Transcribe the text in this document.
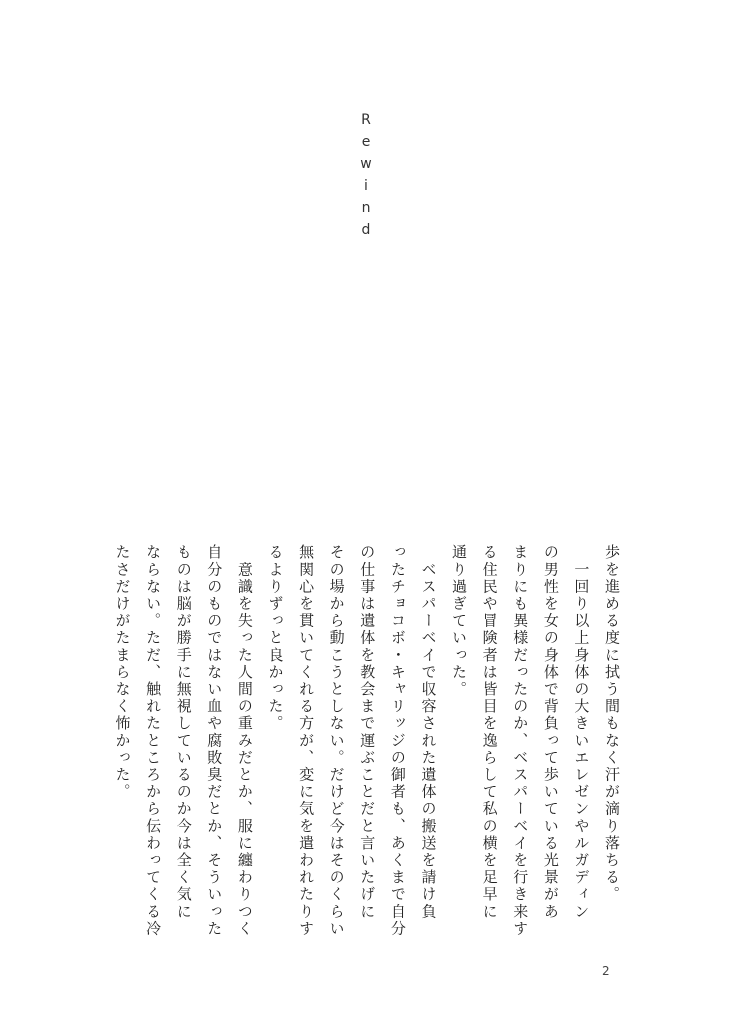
Rewind
歩を進める度に拭う間もなく汗が滴り落ちる。
　一回り以上身体の大きいエレゼンやルガディン
の男性を女の身体で背負って歩いている光景があ
まりにも異様だったのか、ベスパーベイを行き来す
る住民や冒険者は皆目を逸らして私の横を足早に
通り過ぎていった。
　ベスパーベイで収容された遺体の搬送を請け負
ったチョコボ・キャリッジの御者も、あくまで自分
の仕事は遺体を教会まで運ぶことだと言いたげに
その場から動こうとしない。だけど今はそのくらい
無関心を貫いてくれる方が、変に気を遣われたりす
るよりずっと良かった。
　意識を失った人間の重みだとか、服に纏わりつく
自分のものではない血や腐敗臭だとか、そういった
ものは脳が勝手に無視しているのか今は全く気に
ならない。ただ、触れたところから伝わってくる冷
たさだけがたまらなく怖かった。
2
